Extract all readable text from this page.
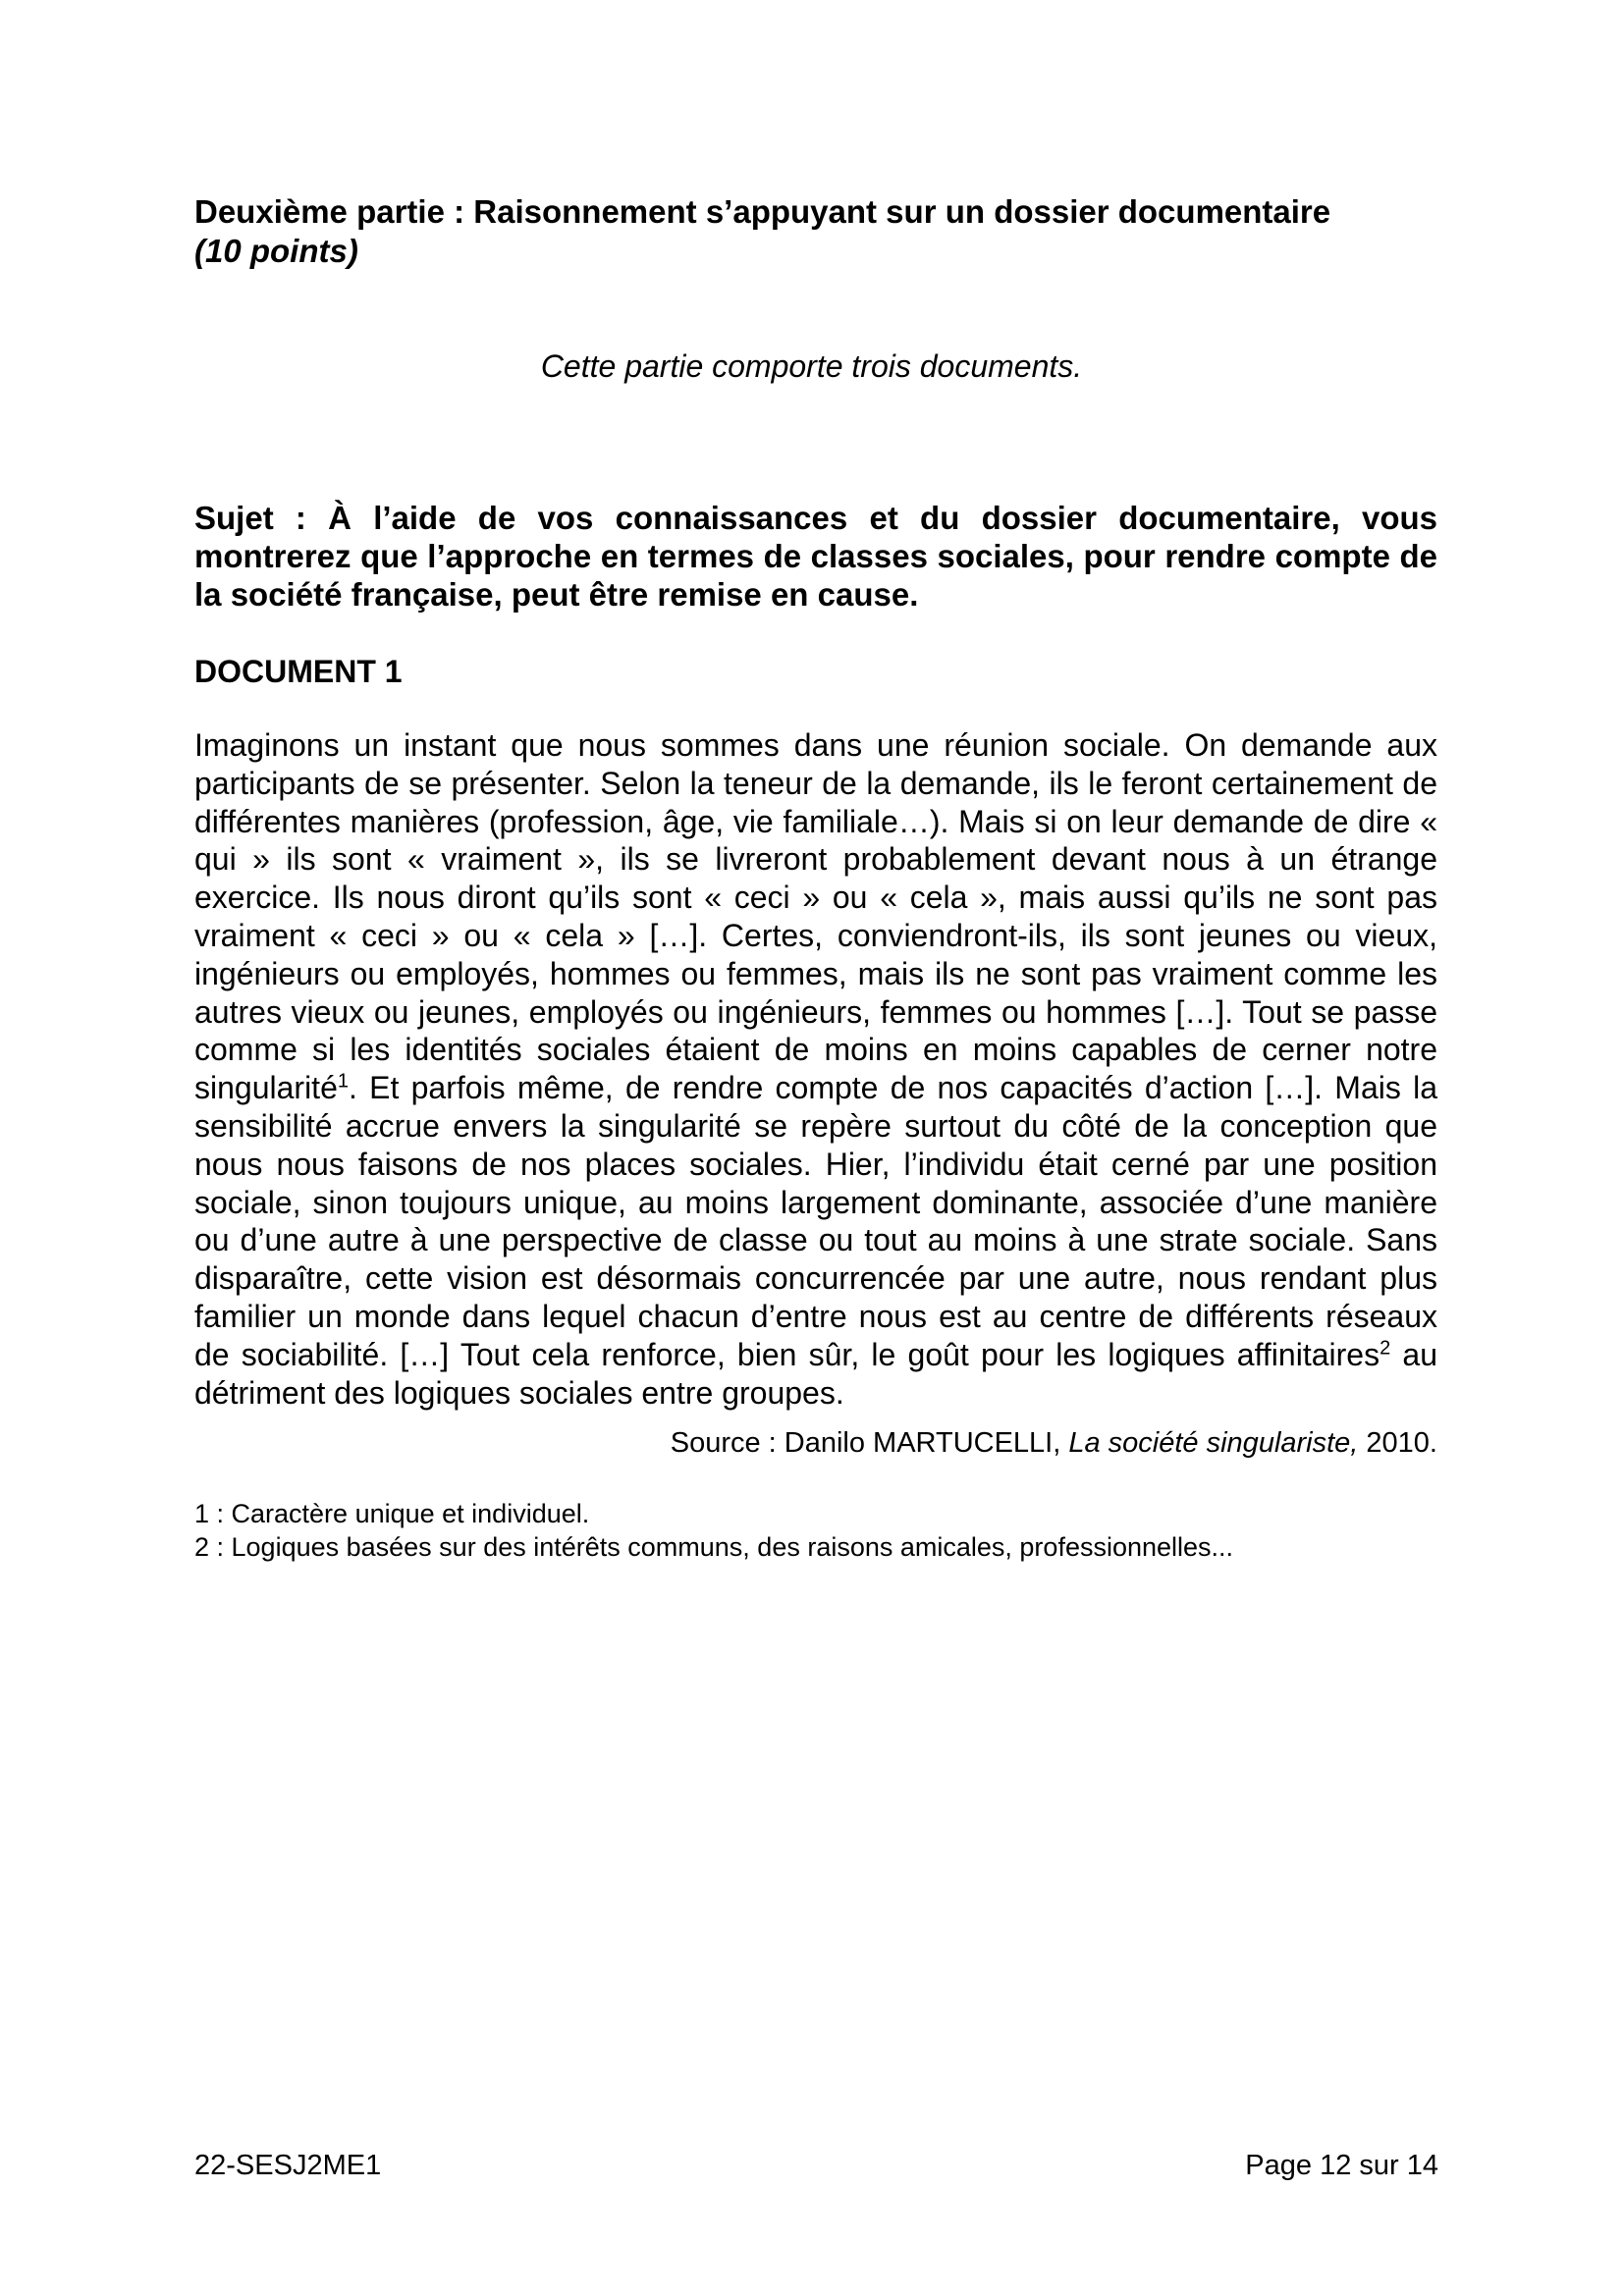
Deuxième partie : Raisonnement s’appuyant sur un dossier documentaire
(10 points)
Cette partie comporte trois documents.
Sujet : À l’aide de vos connaissances et du dossier documentaire, vous montrerez que l’approche en termes de classes sociales, pour rendre compte de la société française, peut être remise en cause.
DOCUMENT 1
Imaginons un instant que nous sommes dans une réunion sociale. On demande aux participants de se présenter. Selon la teneur de la demande, ils le feront certainement de différentes manières (profession, âge, vie familiale…). Mais si on leur demande de dire « qui » ils sont « vraiment », ils se livreront probablement devant nous à un étrange exercice. Ils nous diront qu’ils sont « ceci » ou « cela », mais aussi qu’ils ne sont pas vraiment « ceci » ou « cela » […]. Certes, conviendront-ils, ils sont jeunes ou vieux, ingénieurs ou employés, hommes ou femmes, mais ils ne sont pas vraiment comme les autres vieux ou jeunes, employés ou ingénieurs, femmes ou hommes […]. Tout se passe comme si les identités sociales étaient de moins en moins capables de cerner notre singularité$^1$. Et parfois même, de rendre compte de nos capacités d’action […]. Mais la sensibilité accrue envers la singularité se repère surtout du côté de la conception que nous nous faisons de nos places sociales. Hier, l’individu était cerné par une position sociale, sinon toujours unique, au moins largement dominante, associée d’une manière ou d’une autre à une perspective de classe ou tout au moins à une strate sociale. Sans disparaître, cette vision est désormais concurrencée par une autre, nous rendant plus familier un monde dans lequel chacun d’entre nous est au centre de différents réseaux de sociabilité. […] Tout cela renforce, bien sûr, le goût pour les logiques affinitaires$^2$ au détriment des logiques sociales entre groupes.
Source : Danilo MARTUCELLI, La société singulariste, 2010.
1 : Caractère unique et individuel.
2 : Logiques basées sur des intérêts communs, des raisons amicales, professionnelles...
22-SESJ2ME1	Page 12 sur 14
